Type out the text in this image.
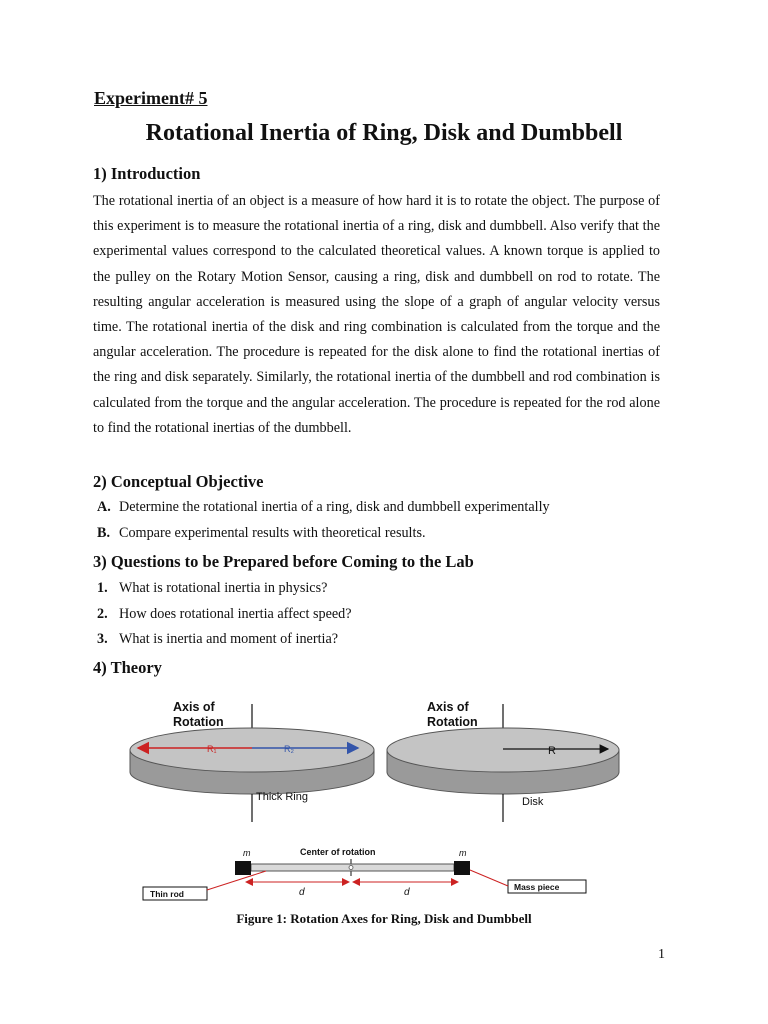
Experiment# 5
Rotational Inertia of Ring, Disk and Dumbbell
1) Introduction
The rotational inertia of an object is a measure of how hard it is to rotate the object. The purpose of this experiment is to measure the rotational inertia of a ring, disk and dumbbell. Also verify that the experimental values correspond to the calculated theoretical values. A known torque is applied to the pulley on the Rotary Motion Sensor, causing a ring, disk and dumbbell on rod to rotate. The resulting angular acceleration is measured using the slope of a graph of angular velocity versus time. The rotational inertia of the disk and ring combination is calculated from the torque and the angular acceleration. The procedure is repeated for the disk alone to find the rotational inertias of the ring and disk separately. Similarly, the rotational inertia of the dumbbell and rod combination is calculated from the torque and the angular acceleration. The procedure is repeated for the rod alone to find the rotational inertias of the dumbbell.
2) Conceptual Objective
A. Determine the rotational inertia of a ring, disk and dumbbell experimentally
B. Compare experimental results with theoretical results.
3) Questions to be Prepared before Coming to the Lab
1. What is rotational inertia in physics?
2. How does rotational inertia affect speed?
3. What is inertia and moment of inertia?
4) Theory
Axis of
Rotation
R₁	R₂
Thick Ring
Axis of
Rotation
R
Disk
m	m
Center of rotation
d	d
Thin rod
Mass piece
Figure 1: Rotation Axes for Ring, Disk and Dumbbell
1
